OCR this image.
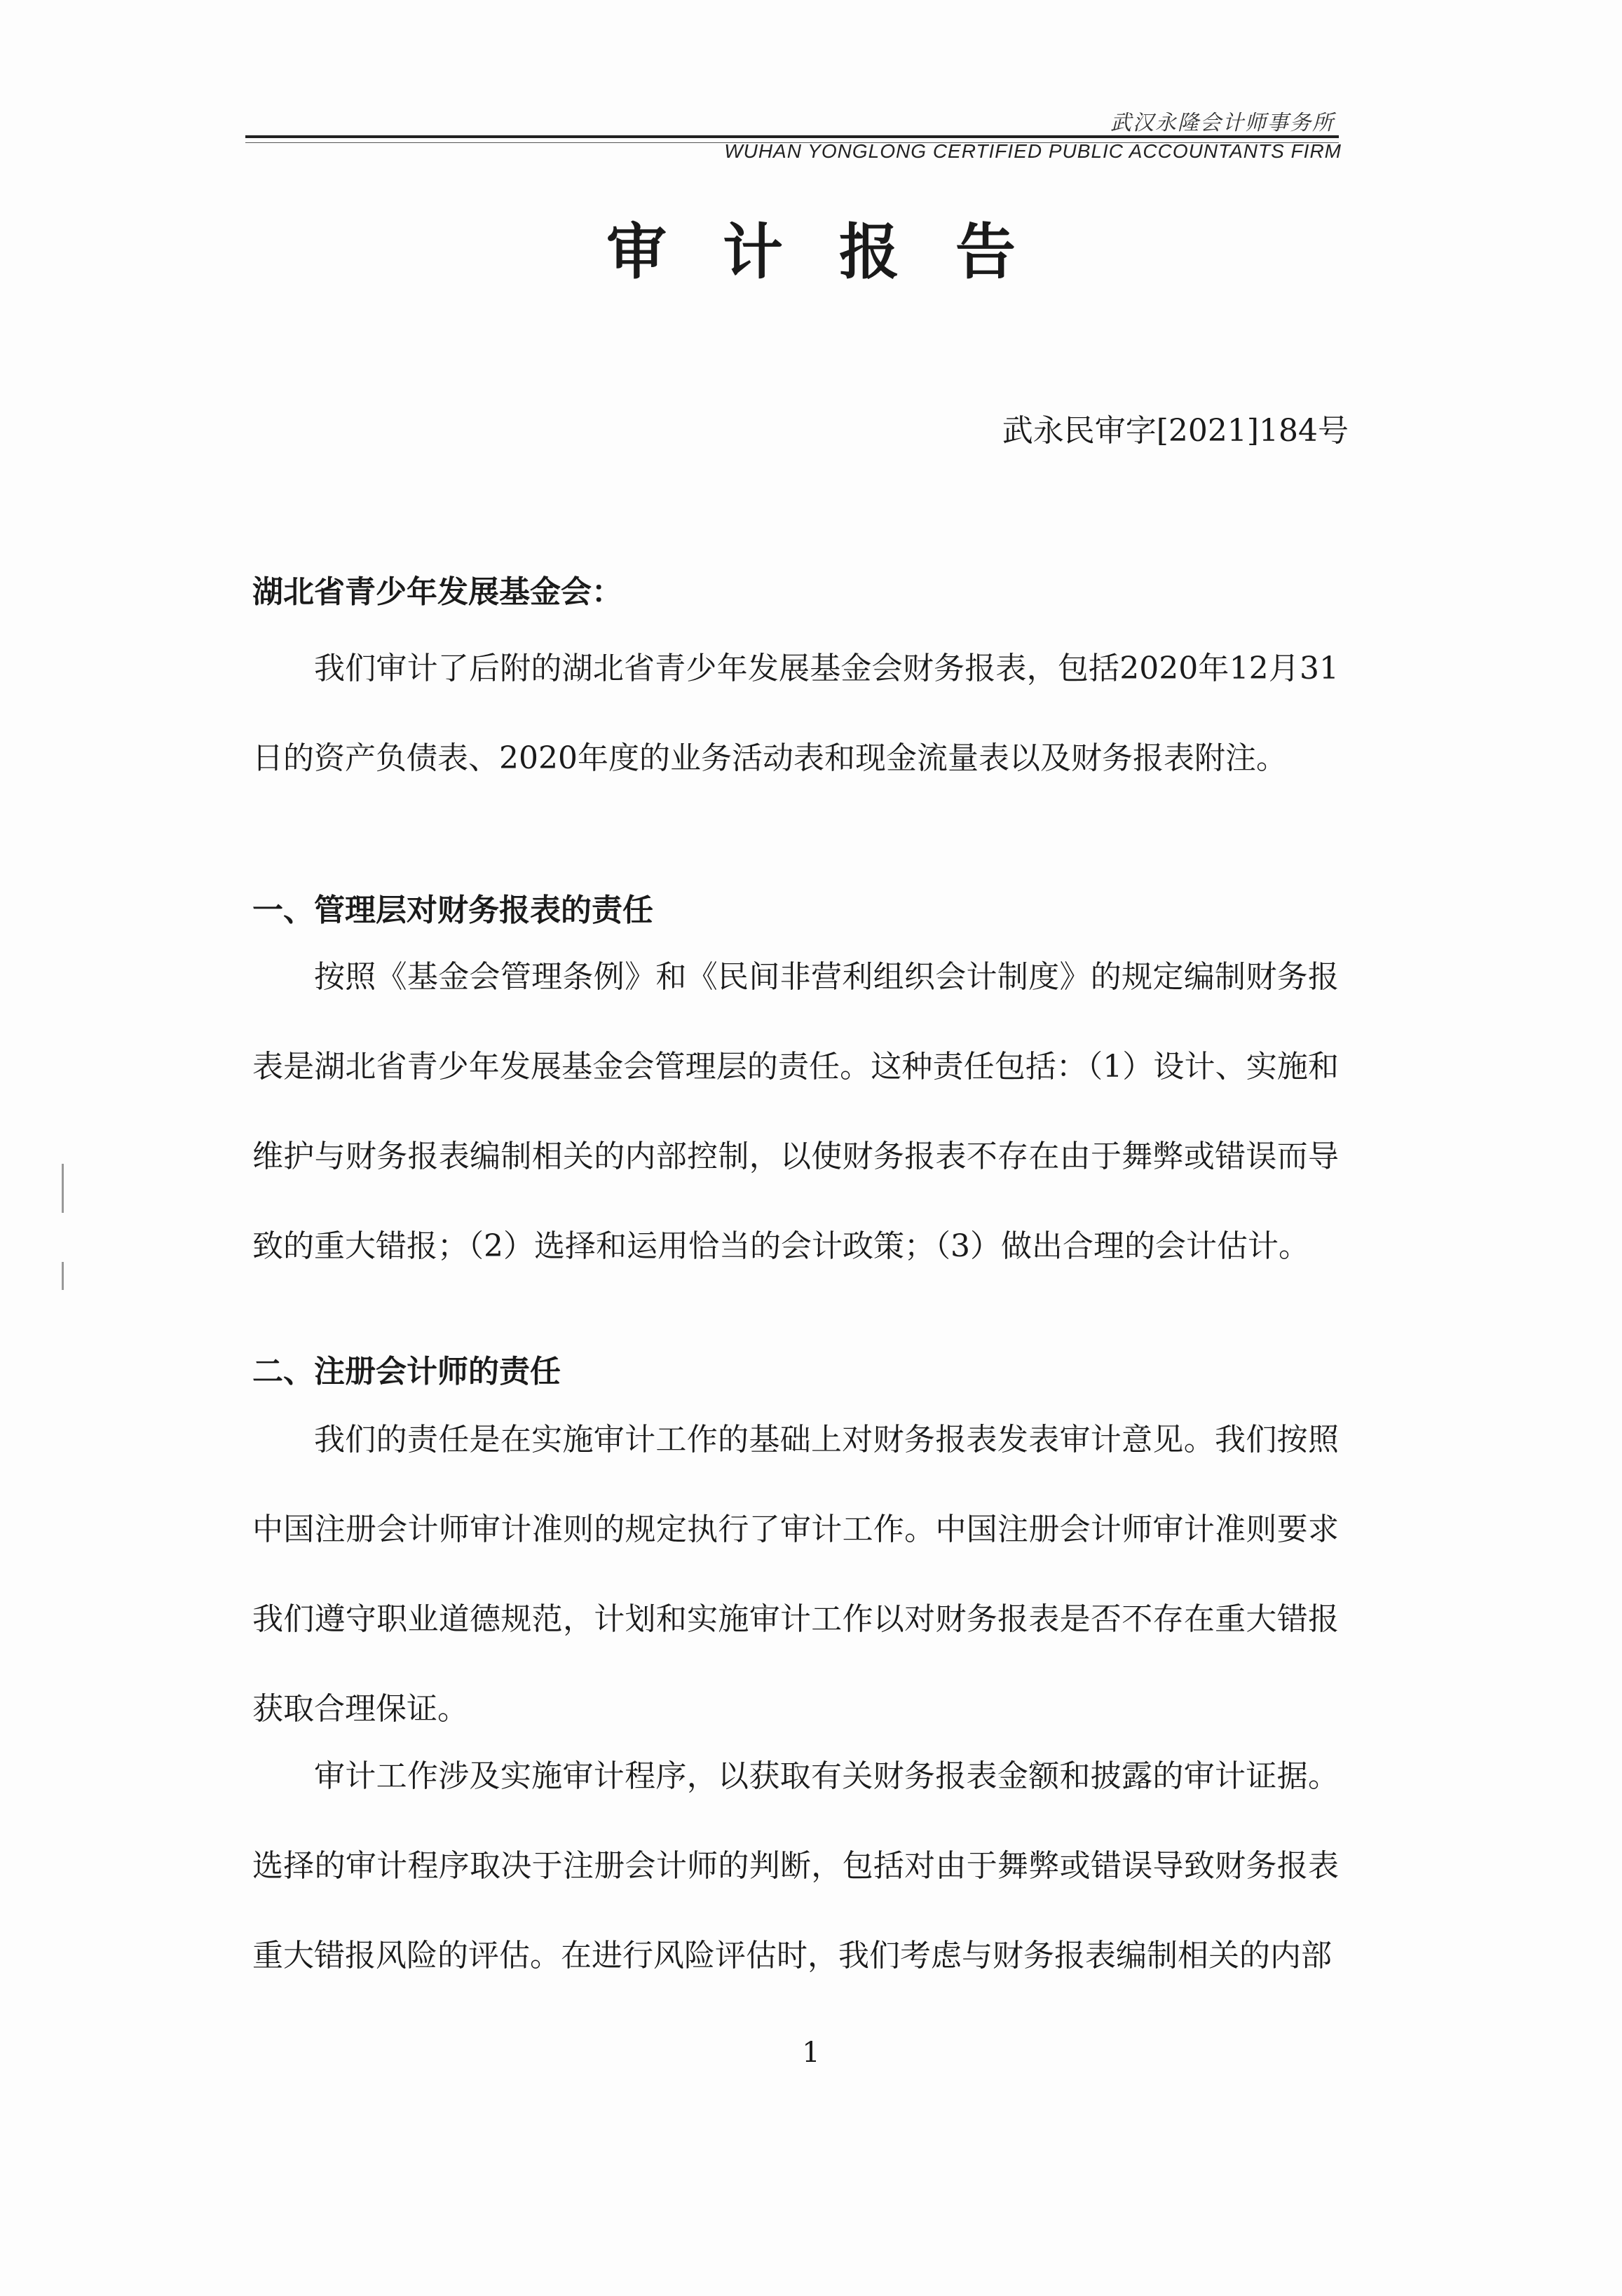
武汉永隆会计师事务所
WUHAN YONGLONG CERTIFIED PUBLIC ACCOUNTANTS FIRM
审计报告
武永民审字[2021]184号
湖北省青少年发展基金会：

我们审计了后附的湖北省青少年发展基金会财务报表，包括2020年12月31日的资产负债表、2020年度的业务活动表和现金流量表以及财务报表附注。

一、管理层对财务报表的责任

按照《基金会管理条例》和《民间非营利组织会计制度》的规定编制财务报表是湖北省青少年发展基金会管理层的责任。这种责任包括：（1）设计、实施和维护与财务报表编制相关的内部控制，以使财务报表不存在由于舞弊或错误而导致的重大错报；（2）选择和运用恰当的会计政策；（3）做出合理的会计估计。

二、注册会计师的责任

我们的责任是在实施审计工作的基础上对财务报表发表审计意见。我们按照中国注册会计师审计准则的规定执行了审计工作。中国注册会计师审计准则要求我们遵守职业道德规范，计划和实施审计工作以对财务报表是否不存在重大错报获取合理保证。

审计工作涉及实施审计程序，以获取有关财务报表金额和披露的审计证据。选择的审计程序取决于注册会计师的判断，包括对由于舞弊或错误导致财务报表重大错报风险的评估。在进行风险评估时，我们考虑与财务报表编制相关的内部

1
